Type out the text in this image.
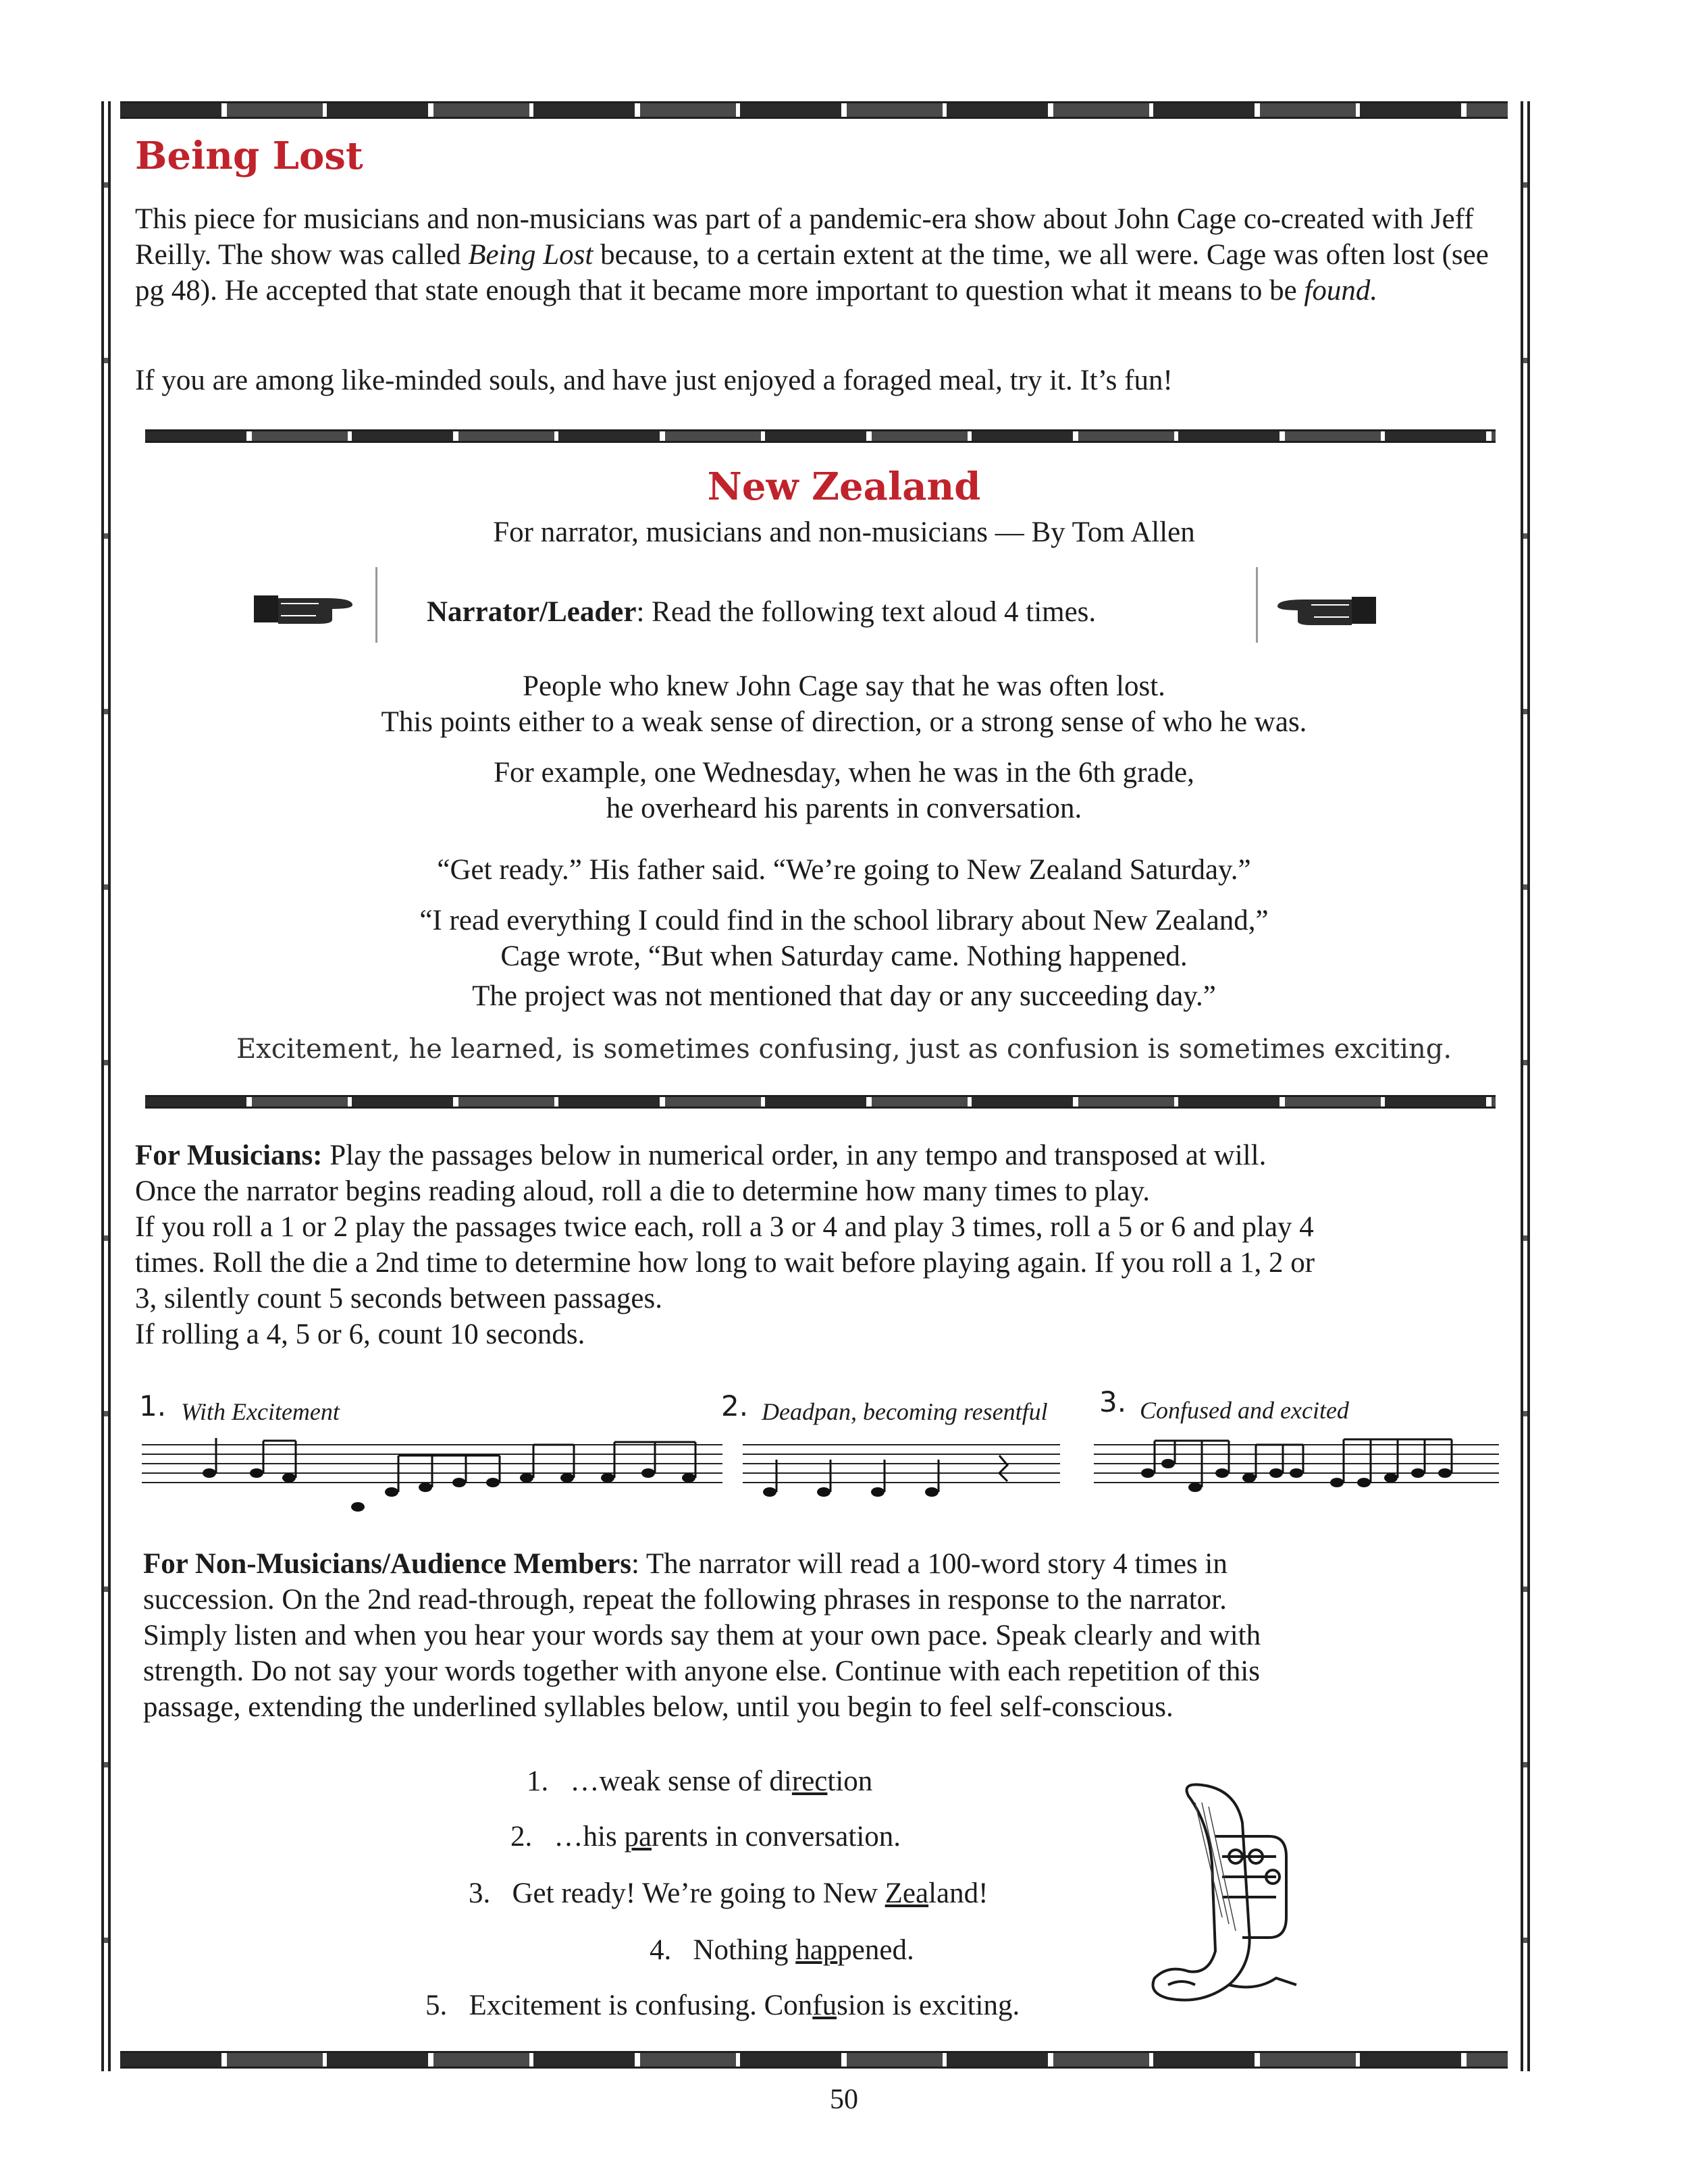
Being Lost
This piece for musicians and non-musicians was part of a pandemic-era show about John Cage co-created with Jeff Reilly. The show was called Being Lost because, to a certain extent at the time, we all were. Cage was often lost (see pg 48). He accepted that state enough that it became more important to question what it means to be found.
If you are among like-minded souls, and have just enjoyed a foraged meal, try it. It’s fun!
New Zealand
For narrator, musicians and non-musicians — By Tom Allen
Narrator/Leader: Read the following text aloud 4 times.
People who knew John Cage say that he was often lost.
This points either to a weak sense of direction, or a strong sense of who he was.
For example, one Wednesday, when he was in the 6th grade,
he overheard his parents in conversation.
“Get ready.” His father said. “We’re going to New Zealand Saturday.”
“I read everything I could find in the school library about New Zealand,”
Cage wrote, “But when Saturday came. Nothing happened.
The project was not mentioned that day or any succeeding day.”
Excitement, he learned, is sometimes confusing, just as confusion is sometimes exciting.
For Musicians: Play the passages below in numerical order, in any tempo and transposed at will.
Once the narrator begins reading aloud, roll a die to determine how many times to play.
If you roll a 1 or 2 play the passages twice each, roll a 3 or 4 and play 3 times, roll a 5 or 6 and play 4
times. Roll the die a 2nd time to determine how long to wait before playing again. If you roll a 1, 2 or
3, silently count 5 seconds between passages.
If rolling a 4, 5 or 6, count 10 seconds.
1. With Excitement	2. Deadpan, becoming resentful 3. Confused and excited
For Non-Musicians/Audience Members: The narrator will read a 100-word story 4 times in
succession. On the 2nd read-through, repeat the following phrases in response to the narrator.
Simply listen and when you hear your words say them at your own pace. Speak clearly and with
strength. Do not say your words together with anyone else. Continue with each repetition of this
passage, extending the underlined syllables below, until you begin to feel self-conscious.
1. …weak sense of direction
2. …his parents in conversation.
3. Get ready! We’re going to New Zealand!
4. Nothing happened.
5. Excitement is confusing. Confusion is exciting.
50
